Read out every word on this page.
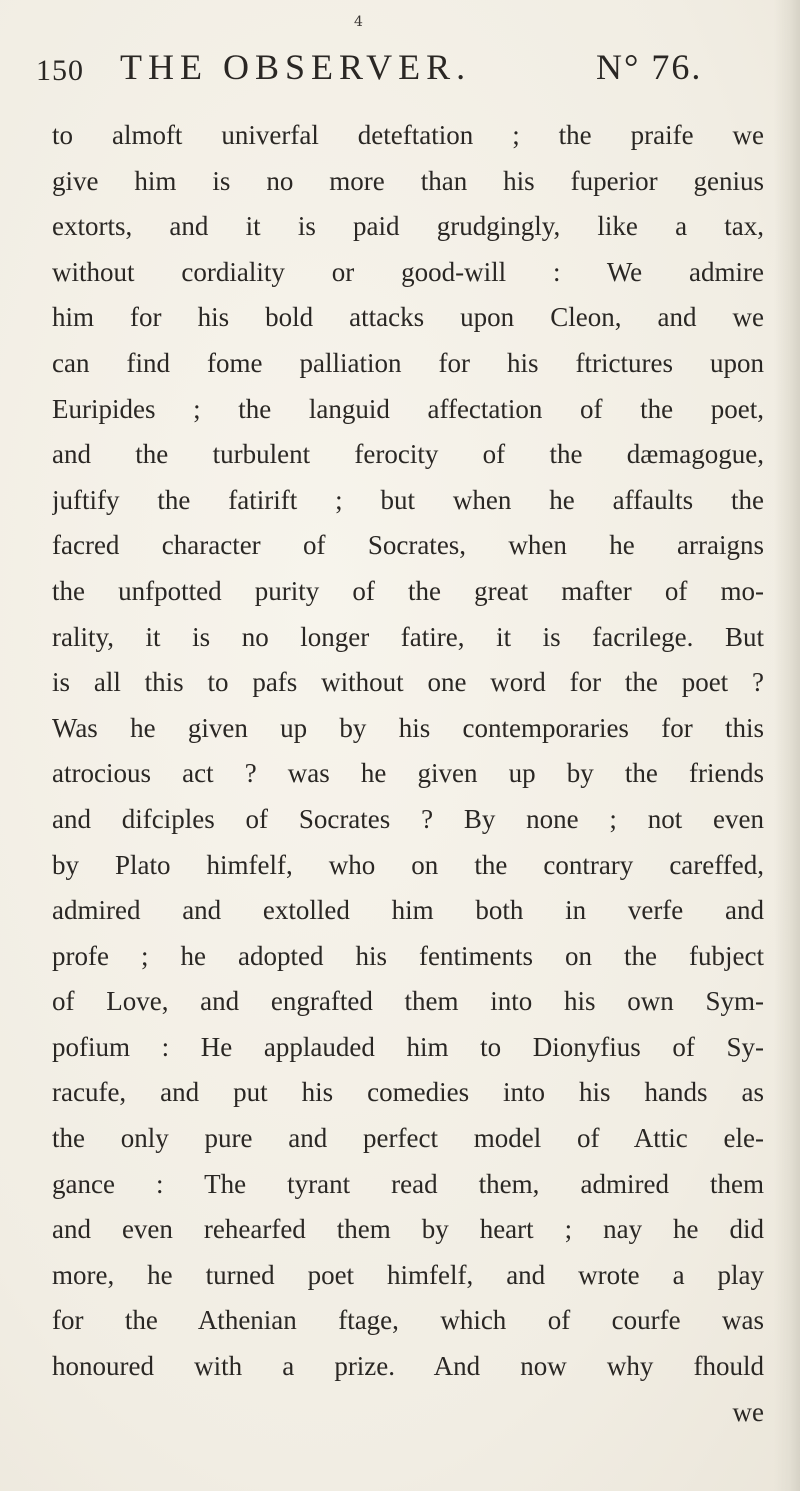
4
150 THE OBSERVER.	N° 76.
to almoft univerfal deteftation ; the praife we
give him is no more than his fuperior genius
extorts, and it is paid grudgingly, like a tax,
without cordiality or good-will : We admire
him for his bold attacks upon Cleon, and we
can find fome palliation for his ftrictures upon
Euripides ; the languid affectation of the poet,
and the turbulent ferocity of the dæmagogue,
juftify the fatirift ; but when he affaults the
facred character of Socrates, when he arraigns
the unfpotted purity of the great mafter of mo-
rality, it is no longer fatire, it is facrilege. But
is all this to pafs without one word for the poet ?
Was he given up by his contemporaries for this
atrocious act ? was he given up by the friends
and difciples of Socrates ? By none ; not even
by Plato himfelf, who on the contrary careffed,
admired and extolled him both in verfe and
profe ; he adopted his fentiments on the fubject
of Love, and engrafted them into his own Sym-
pofium : He applauded him to Dionyfius of Sy-
racufe, and put his comedies into his hands as
the only pure and perfect model of Attic ele-
gance : The tyrant read them, admired them
and even rehearfed them by heart ; nay he did
more, he turned poet himfelf, and wrote a play
for the Athenian ftage, which of courfe was
honoured with a prize. And now why fhould
we
